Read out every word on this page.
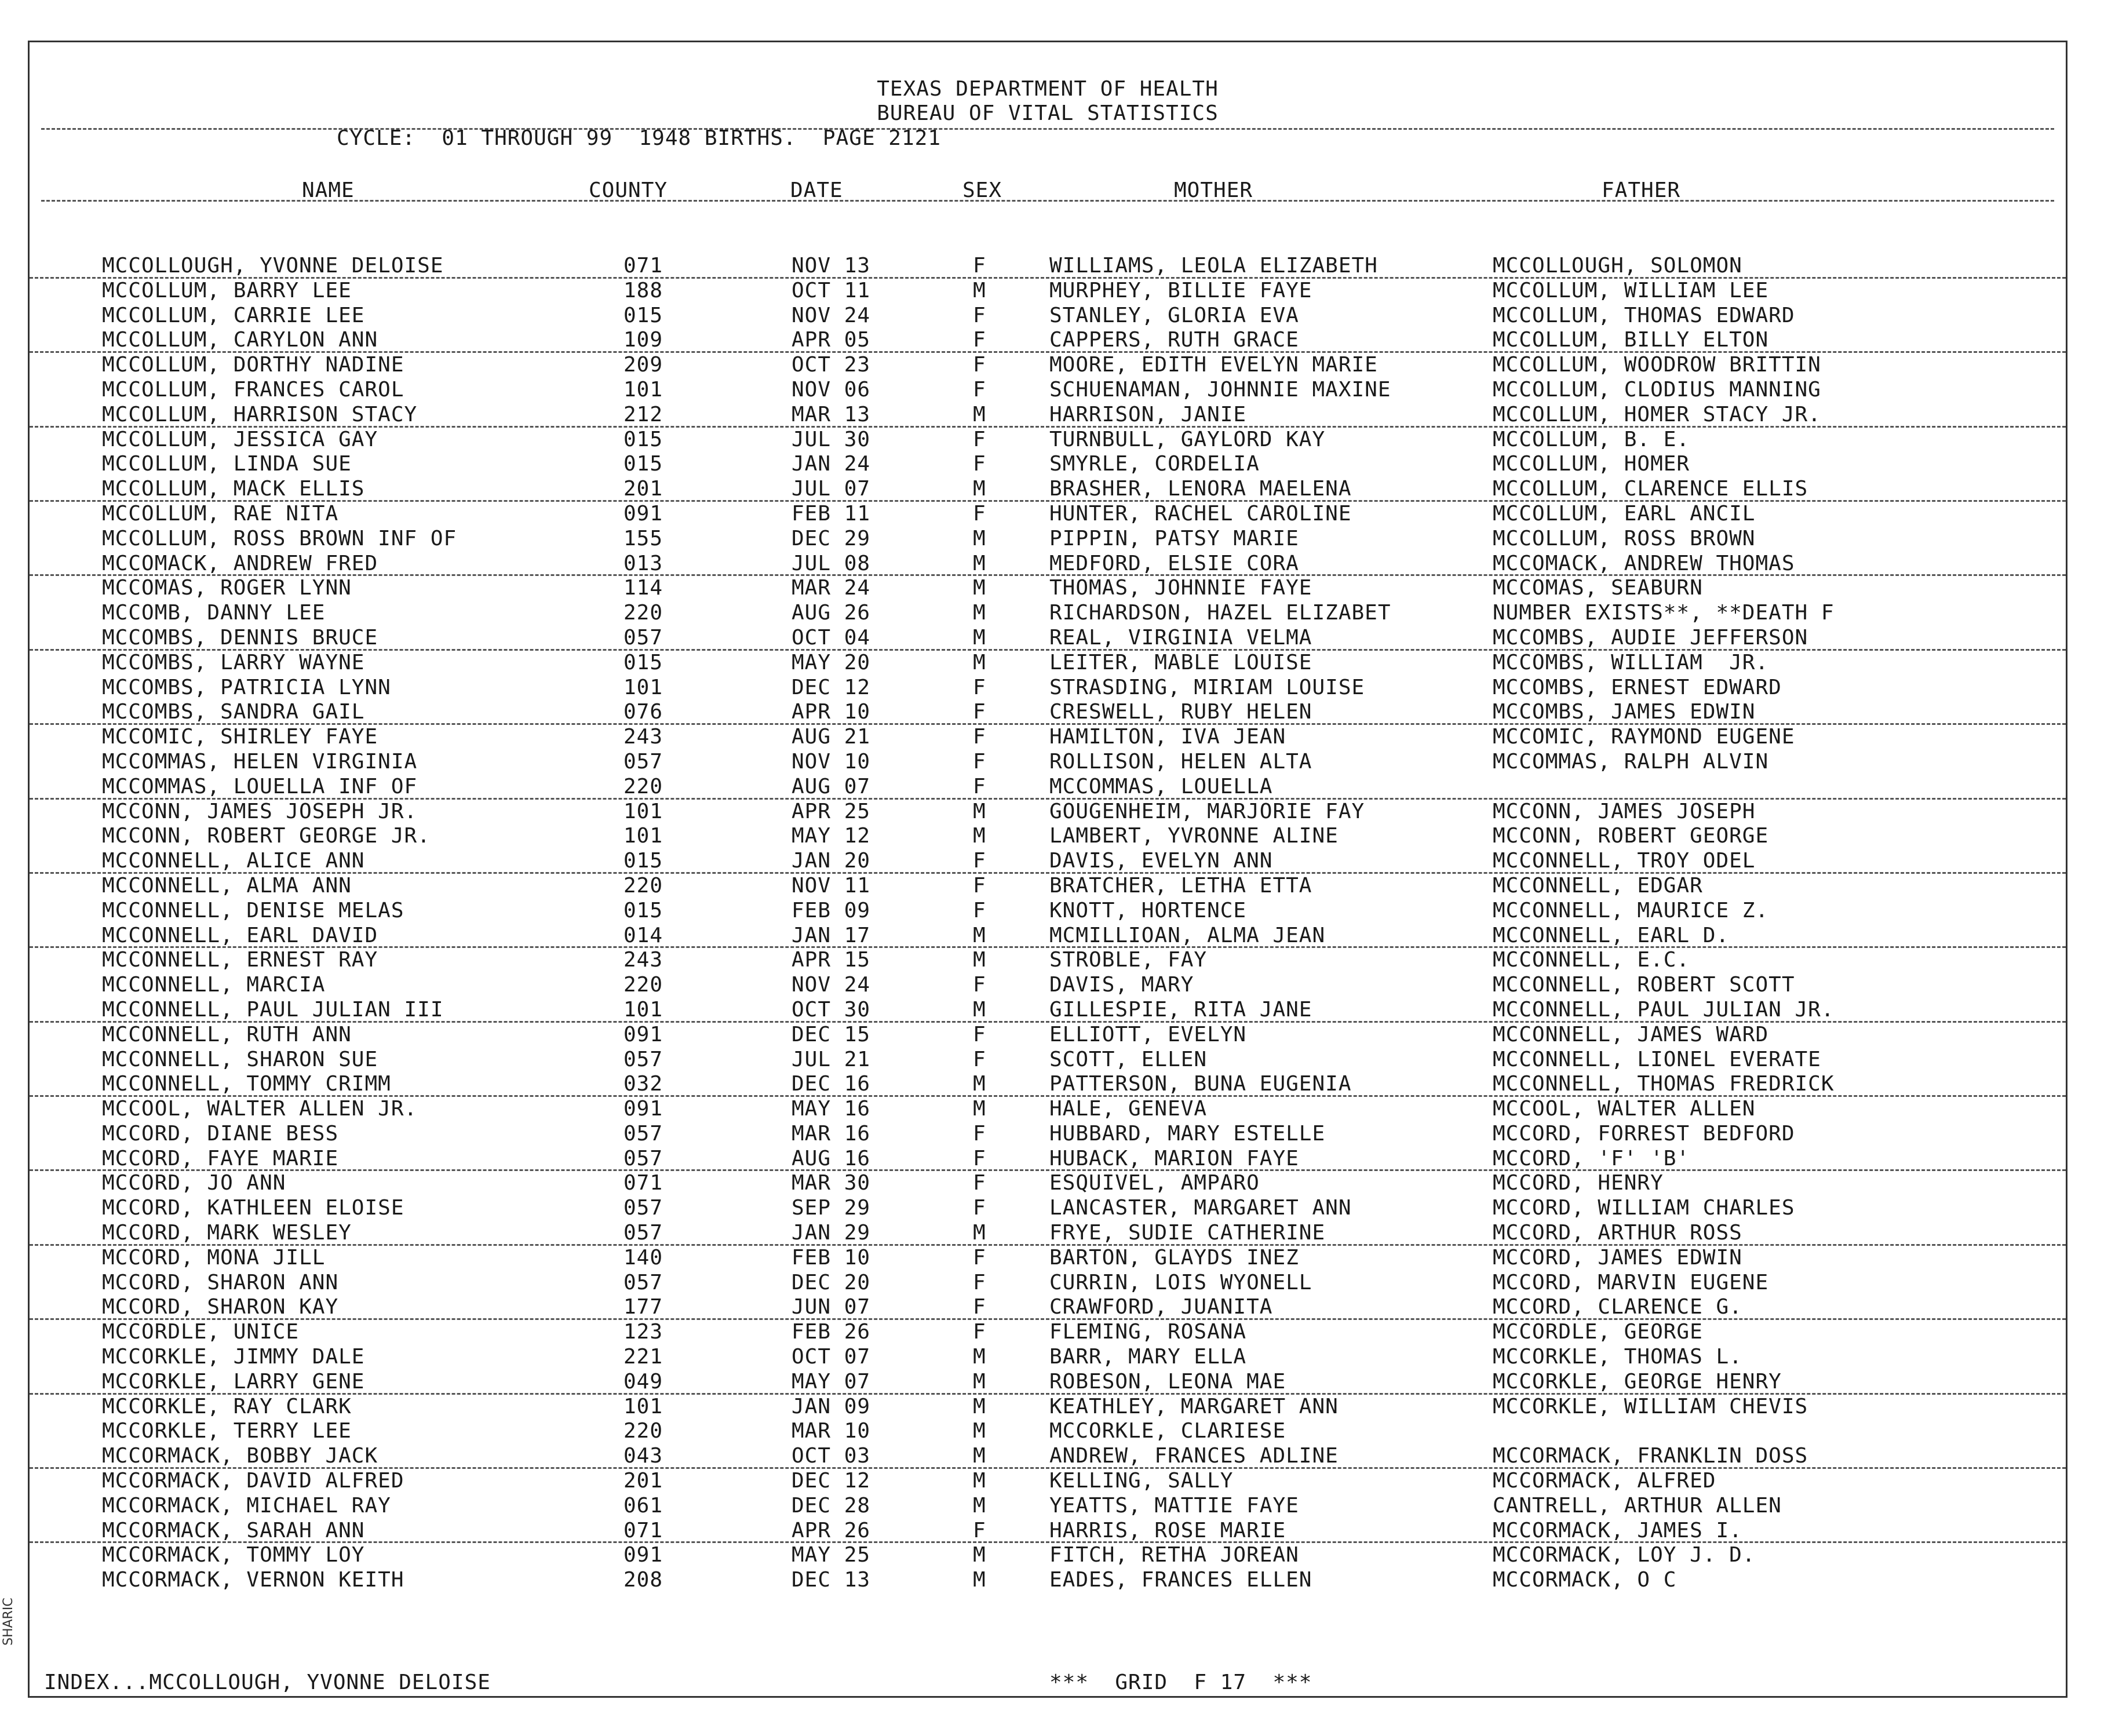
TEXAS DEPARTMENT OF HEALTH
BUREAU OF VITAL STATISTICS
CYCLE:  01 THROUGH 99  1948 BIRTHS.  PAGE 2121
NAME	COUNTY	DATE	SEX	MOTHER	FATHER
MCCOLLOUGH, YVONNE DELOISE	071	NOV 13	F	WILLIAMS, LEOLA ELIZABETH	MCCOLLOUGH, SOLOMON
MCCOLLUM, BARRY LEE	188	OCT 11	M	MURPHEY, BILLIE FAYE	MCCOLLUM, WILLIAM LEE
MCCOLLUM, CARRIE LEE	015	NOV 24	F	STANLEY, GLORIA EVA	MCCOLLUM, THOMAS EDWARD
MCCOLLUM, CARYLON ANN	109	APR 05	F	CAPPERS, RUTH GRACE	MCCOLLUM, BILLY ELTON
MCCOLLUM, DORTHY NADINE	209	OCT 23	F	MOORE, EDITH EVELYN MARIE	MCCOLLUM, WOODROW BRITTIN
MCCOLLUM, FRANCES CAROL	101	NOV 06	F	SCHUENAMAN, JOHNNIE MAXINE	MCCOLLUM, CLODIUS MANNING
MCCOLLUM, HARRISON STACY	212	MAR 13	M	HARRISON, JANIE	MCCOLLUM, HOMER STACY JR.
MCCOLLUM, JESSICA GAY	015	JUL 30	F	TURNBULL, GAYLORD KAY	MCCOLLUM, B. E.
MCCOLLUM, LINDA SUE	015	JAN 24	F	SMYRLE, CORDELIA	MCCOLLUM, HOMER
MCCOLLUM, MACK ELLIS	201	JUL 07	M	BRASHER, LENORA MAELENA	MCCOLLUM, CLARENCE ELLIS
MCCOLLUM, RAE NITA	091	FEB 11	F	HUNTER, RACHEL CAROLINE	MCCOLLUM, EARL ANCIL
MCCOLLUM, ROSS BROWN INF OF	155	DEC 29	M	PIPPIN, PATSY MARIE	MCCOLLUM, ROSS BROWN
MCCOMACK, ANDREW FRED	013	JUL 08	M	MEDFORD, ELSIE CORA	MCCOMACK, ANDREW THOMAS
MCCOMAS, ROGER LYNN	114	MAR 24	M	THOMAS, JOHNNIE FAYE	MCCOMAS, SEABURN
MCCOMB, DANNY LEE	220	AUG 26	M	RICHARDSON, HAZEL ELIZABET	NUMBER EXISTS**, **DEATH F
MCCOMBS, DENNIS BRUCE	057	OCT 04	M	REAL, VIRGINIA VELMA	MCCOMBS, AUDIE JEFFERSON
MCCOMBS, LARRY WAYNE	015	MAY 20	M	LEITER, MABLE LOUISE	MCCOMBS, WILLIAM  JR.
MCCOMBS, PATRICIA LYNN	101	DEC 12	F	STRASDING, MIRIAM LOUISE	MCCOMBS, ERNEST EDWARD
MCCOMBS, SANDRA GAIL	076	APR 10	F	CRESWELL, RUBY HELEN	MCCOMBS, JAMES EDWIN
MCCOMIC, SHIRLEY FAYE	243	AUG 21	F	HAMILTON, IVA JEAN	MCCOMIC, RAYMOND EUGENE
MCCOMMAS, HELEN VIRGINIA	057	NOV 10	F	ROLLISON, HELEN ALTA	MCCOMMAS, RALPH ALVIN
MCCOMMAS, LOUELLA INF OF	220	AUG 07	F	MCCOMMAS, LOUELLA
MCCONN, JAMES JOSEPH JR.	101	APR 25	M	GOUGENHEIM, MARJORIE FAY	MCCONN, JAMES JOSEPH
MCCONN, ROBERT GEORGE JR.	101	MAY 12	M	LAMBERT, YVRONNE ALINE	MCCONN, ROBERT GEORGE
MCCONNELL, ALICE ANN	015	JAN 20	F	DAVIS, EVELYN ANN	MCCONNELL, TROY ODEL
MCCONNELL, ALMA ANN	220	NOV 11	F	BRATCHER, LETHA ETTA	MCCONNELL, EDGAR
MCCONNELL, DENISE MELAS	015	FEB 09	F	KNOTT, HORTENCE	MCCONNELL, MAURICE Z.
MCCONNELL, EARL DAVID	014	JAN 17	M	MCMILLIOAN, ALMA JEAN	MCCONNELL, EARL D.
MCCONNELL, ERNEST RAY	243	APR 15	M	STROBLE, FAY	MCCONNELL, E.C.
MCCONNELL, MARCIA	220	NOV 24	F	DAVIS, MARY	MCCONNELL, ROBERT SCOTT
MCCONNELL, PAUL JULIAN III	101	OCT 30	M	GILLESPIE, RITA JANE	MCCONNELL, PAUL JULIAN JR.
MCCONNELL, RUTH ANN	091	DEC 15	F	ELLIOTT, EVELYN	MCCONNELL, JAMES WARD
MCCONNELL, SHARON SUE	057	JUL 21	F	SCOTT, ELLEN	MCCONNELL, LIONEL EVERATE
MCCONNELL, TOMMY CRIMM	032	DEC 16	M	PATTERSON, BUNA EUGENIA	MCCONNELL, THOMAS FREDRICK
MCCOOL, WALTER ALLEN JR.	091	MAY 16	M	HALE, GENEVA	MCCOOL, WALTER ALLEN
MCCORD, DIANE BESS	057	MAR 16	F	HUBBARD, MARY ESTELLE	MCCORD, FORREST BEDFORD
MCCORD, FAYE MARIE	057	AUG 16	F	HUBACK, MARION FAYE	MCCORD, 'F' 'B'
MCCORD, JO ANN	071	MAR 30	F	ESQUIVEL, AMPARO	MCCORD, HENRY
MCCORD, KATHLEEN ELOISE	057	SEP 29	F	LANCASTER, MARGARET ANN	MCCORD, WILLIAM CHARLES
MCCORD, MARK WESLEY	057	JAN 29	M	FRYE, SUDIE CATHERINE	MCCORD, ARTHUR ROSS
MCCORD, MONA JILL	140	FEB 10	F	BARTON, GLAYDS INEZ	MCCORD, JAMES EDWIN
MCCORD, SHARON ANN	057	DEC 20	F	CURRIN, LOIS WYONELL	MCCORD, MARVIN EUGENE
MCCORD, SHARON KAY	177	JUN 07	F	CRAWFORD, JUANITA	MCCORD, CLARENCE G.
MCCORDLE, UNICE	123	FEB 26	F	FLEMING, ROSANA	MCCORDLE, GEORGE
MCCORKLE, JIMMY DALE	221	OCT 07	M	BARR, MARY ELLA	MCCORKLE, THOMAS L.
MCCORKLE, LARRY GENE	049	MAY 07	M	ROBESON, LEONA MAE	MCCORKLE, GEORGE HENRY
MCCORKLE, RAY CLARK	101	JAN 09	M	KEATHLEY, MARGARET ANN	MCCORKLE, WILLIAM CHEVIS
MCCORKLE, TERRY LEE	220	MAR 10	M	MCCORKLE, CLARIESE
MCCORMACK, BOBBY JACK	043	OCT 03	M	ANDREW, FRANCES ADLINE	MCCORMACK, FRANKLIN DOSS
MCCORMACK, DAVID ALFRED	201	DEC 12	M	KELLING, SALLY	MCCORMACK, ALFRED
MCCORMACK, MICHAEL RAY	061	DEC 28	M	YEATTS, MATTIE FAYE	CANTRELL, ARTHUR ALLEN
MCCORMACK, SARAH ANN	071	APR 26	F	HARRIS, ROSE MARIE	MCCORMACK, JAMES I.
MCCORMACK, TOMMY LOY	091	MAY 25	M	FITCH, RETHA JOREAN	MCCORMACK, LOY J. D.
MCCORMACK, VERNON KEITH	208	DEC 13	M	EADES, FRANCES ELLEN	MCCORMACK, O C
INDEX...MCCOLLOUGH, YVONNE DELOISE	***  GRID  F 17  ***
SHARIC
